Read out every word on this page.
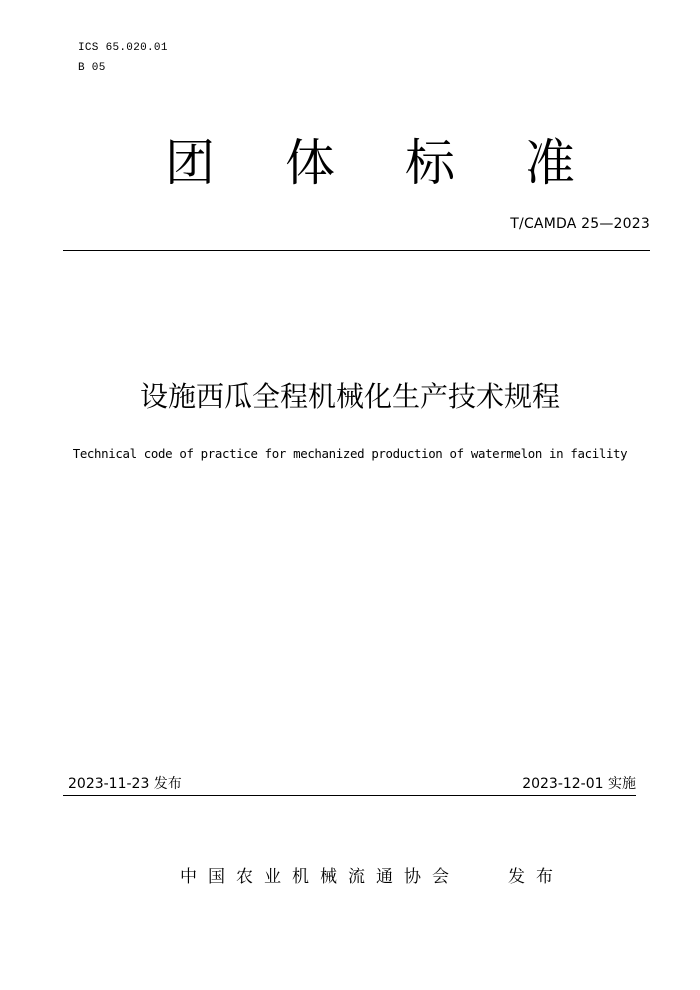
ICS 65.020.01
B 05
团 体 标 准
T/CAMDA 25—2023
设施西瓜全程机械化生产技术规程
Technical code of practice for mechanized production of watermelon in facility
2023-11-23 发布	2023-12-01 实施
中国农业机械流通协会	发布
